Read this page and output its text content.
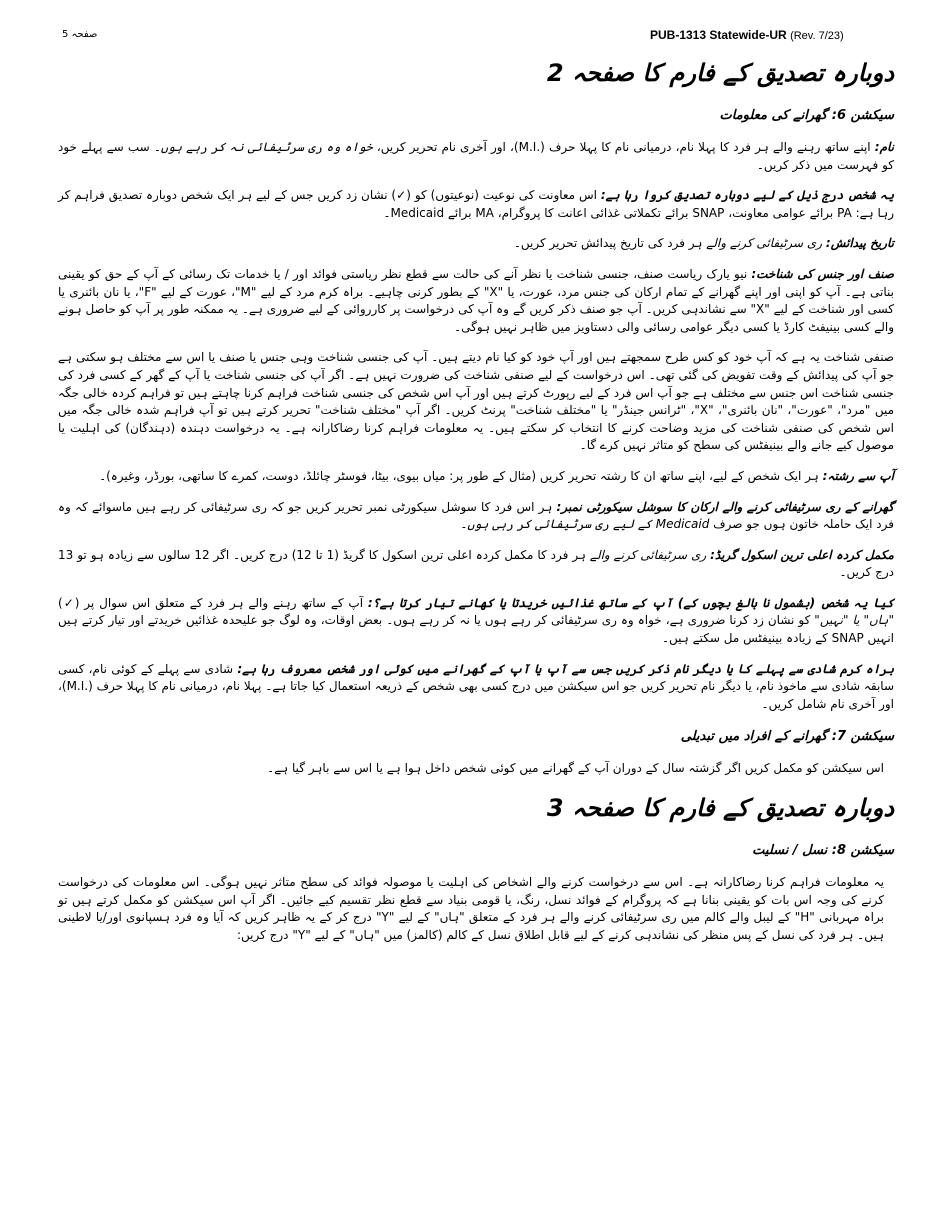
PUB-1313 Statewide-UR (Rev. 7/23)
صفحہ 5
دوبارہ تصدیق کے فارم کا صفحہ 2
سیکشن 6: گھرانے کی معلومات

نام: اپنے ساتھ رہنے والے ہر فرد کا پہلا نام، درمیانی نام کا پہلا حرف (.M.I)، اور آخری نام تحریر کریں، خواہ وہ ری سرٹیفائی نہ کر رہے ہوں۔ سب سے پہلے خود کو فہرست میں ذکر کریں۔

یہ شخص درج ذیل کے لیے دوبارہ تصدیق کروا رہا ہے: اس معاونت کی نوعیت (نوعیتوں) کو (✓) نشان زد کریں جس کے لیے ہر ایک شخص دوبارہ تصدیق فراہم کر رہا ہے: PA برائے عوامی معاونت، SNAP برائے تکملاتی غذائی اعانت کا پروگرام، MA برائے Medicaid۔

تاریخ پیدائش: ری سرٹیفائی کرنے والے ہر فرد کی تاریخ پیدائش تحریر کریں۔

صنف اور جنس کی شناخت: نیو یارک ریاست صنف، جنسی شناخت یا نظر آنے کی حالت سے قطع نظر ریاستی فوائد اور / یا خدمات تک رسائی کے آپ کے حق کو یقینی بناتی ہے۔ آپ کو اپنی اور اپنے گھرانے کے تمام ارکان کی جنس مرد، عورت، یا "X" کے بطور کرنی چاہیے۔ براہ کرم مرد کے لیے "M"، عورت کے لیے "F"، یا نان بائنری یا کسی اور شناخت کے لیے "X" سے نشاندہی کریں۔ آپ جو صنف ذکر کریں گے وہ آپ کی درخواست پر کارروائی کے لیے ضروری ہے۔ یہ ممکنہ طور پر آپ کو حاصل ہونے والے کسی بینیفٹ کارڈ یا کسی دیگر عوامی رسائی والی دستاویز میں ظاہر نہیں ہوگی۔

صنفی شناخت یہ ہے کہ آپ خود کو کس طرح سمجھتے ہیں اور آپ خود کو کیا نام دیتے ہیں۔ آپ کی جنسی شناخت وہی جنس یا صنف یا اس سے مختلف ہو سکتی ہے جو آپ کی پیدائش کے وقت تفویض کی گئی تھی۔ اس درخواست کے لیے صنفی شناخت کی ضرورت نہیں ہے۔ اگر آپ کی جنسی شناخت یا آپ کے گھر کے کسی فرد کی جنسی شناخت اس جنس سے مختلف ہے جو آپ اس فرد کے لیے رپورٹ کرتے ہیں اور آپ اس شخص کی جنسی شناخت فراہم کرنا چاہتے ہیں تو فراہم کردہ خالی جگہ میں "مرد"، "عورت"، "نان بائنری"، "X"، "ٹرانس جینڈر" یا "مختلف شناخت" پرنٹ کریں۔ اگر آپ "مختلف شناخت" تحریر کرتے ہیں تو آپ فراہم شدہ خالی جگہ میں اس شخص کی صنفی شناخت کی مزید وضاحت کرنے کا انتخاب کر سکتے ہیں۔ یہ معلومات فراہم کرنا رضاکارانہ ہے۔ یہ درخواست دہندہ (دہندگان) کی اہلیت یا موصول کیے جانے والے بینیفٹس کی سطح کو متاثر نہیں کرے گا۔

آپ سے رشتہ: ہر ایک شخص کے لیے، اپنے ساتھ ان کا رشتہ تحریر کریں (مثال کے طور پر: میاں بیوی، بیٹا، فوسٹر چائلڈ، دوست، کمرے کا ساتھی، بورڈر، وغیرہ)۔

گھرانے کے ری سرٹیفائی کرنے والے ارکان کا سوشل سیکورٹی نمبر: ہر اس فرد کا سوشل سیکورٹی نمبر تحریر کریں جو کہ ری سرٹیفائی کر رہے ہیں ماسوائے کہ وہ فرد ایک حاملہ خاتون ہوں جو صرف Medicaid کے لیے ری سرٹیفائی کر رہی ہوں۔

مکمل کردہ اعلی ترین اسکول گریڈ: ری سرٹیفائی کرنے والے ہر فرد کا مکمل کردہ اعلی ترین اسکول کا گریڈ (1 تا 12) درج کریں۔ اگر 12 سالوں سے زیادہ ہو تو 13 درج کریں۔

کیا یہ شخص (بشمول نا بالغ بچوں کے) آپ کے ساتھ غذائیں خریدتا یا کھانے تیار کرتا ہے؟: آپ کے ساتھ رہنے والے ہر فرد کے متعلق اس سوال پر (✓) "ہاں" یا "نہیں" کو نشان زد کرنا ضروری ہے، خواہ وہ ری سرٹیفائی کر رہے ہوں یا نہ کر رہے ہوں۔ بعض اوقات، وہ لوگ جو علیحدہ غذائیں خریدتے اور تیار کرتے ہیں انہیں SNAP کے زیادہ بینیفٹس مل سکتے ہیں۔

براہ کرم شادی سے پہلے کا یا دیگر نام ذکر کریں جس سے آپ یا آپ کے گھرانے میں کوئی اور شخص معروف رہا ہے: شادی سے پہلے کے کوئی نام، کسی سابقہ شادی سے ماخوذ نام، یا دیگر نام تحریر کریں جو اس سیکشن میں درج کسی بھی شخص کے ذریعہ استعمال کیا جاتا ہے۔ پہلا نام، درمیانی نام کا پہلا حرف (.M.I)، اور آخری نام شامل کریں۔

سیکشن 7: گھرانے کے افراد میں تبدیلی

اس سیکشن کو مکمل کریں اگر گزشتہ سال کے دوران آپ کے گھرانے میں کوئی شخص داخل ہوا ہے یا اس سے باہر گیا ہے۔

دوبارہ تصدیق کے فارم کا صفحہ 3
سیکشن 8: نسل / نسلیت

یہ معلومات فراہم کرنا رضاکارانہ ہے۔ اس سے درخواست کرنے والے اشخاص کی اہلیت یا موصولہ فوائد کی سطح متاثر نہیں ہوگی۔ اس معلومات کی درخواست کرنے کی وجہ اس بات کو یقینی بنانا ہے کہ پروگرام کے فوائد نسل، رنگ، یا قومی بنیاد سے قطع نظر تقسیم کیے جائیں۔ اگر آپ اس سیکشن کو مکمل کرتے ہیں تو براہ مہربانی "H" کے لیبل والے کالم میں ری سرٹیفائی کرنے والے ہر فرد کے متعلق "ہاں" کے لیے "Y" درج کر کے یہ ظاہر کریں کہ آیا وہ فرد ہسپانوی اور/یا لاطینی ہیں۔ ہر فرد کی نسل کے پس منظر کی نشاندہی کرنے کے لیے قابل اطلاق نسل کے کالم (کالمز) میں "ہاں" کے لیے "Y" درج کریں:
